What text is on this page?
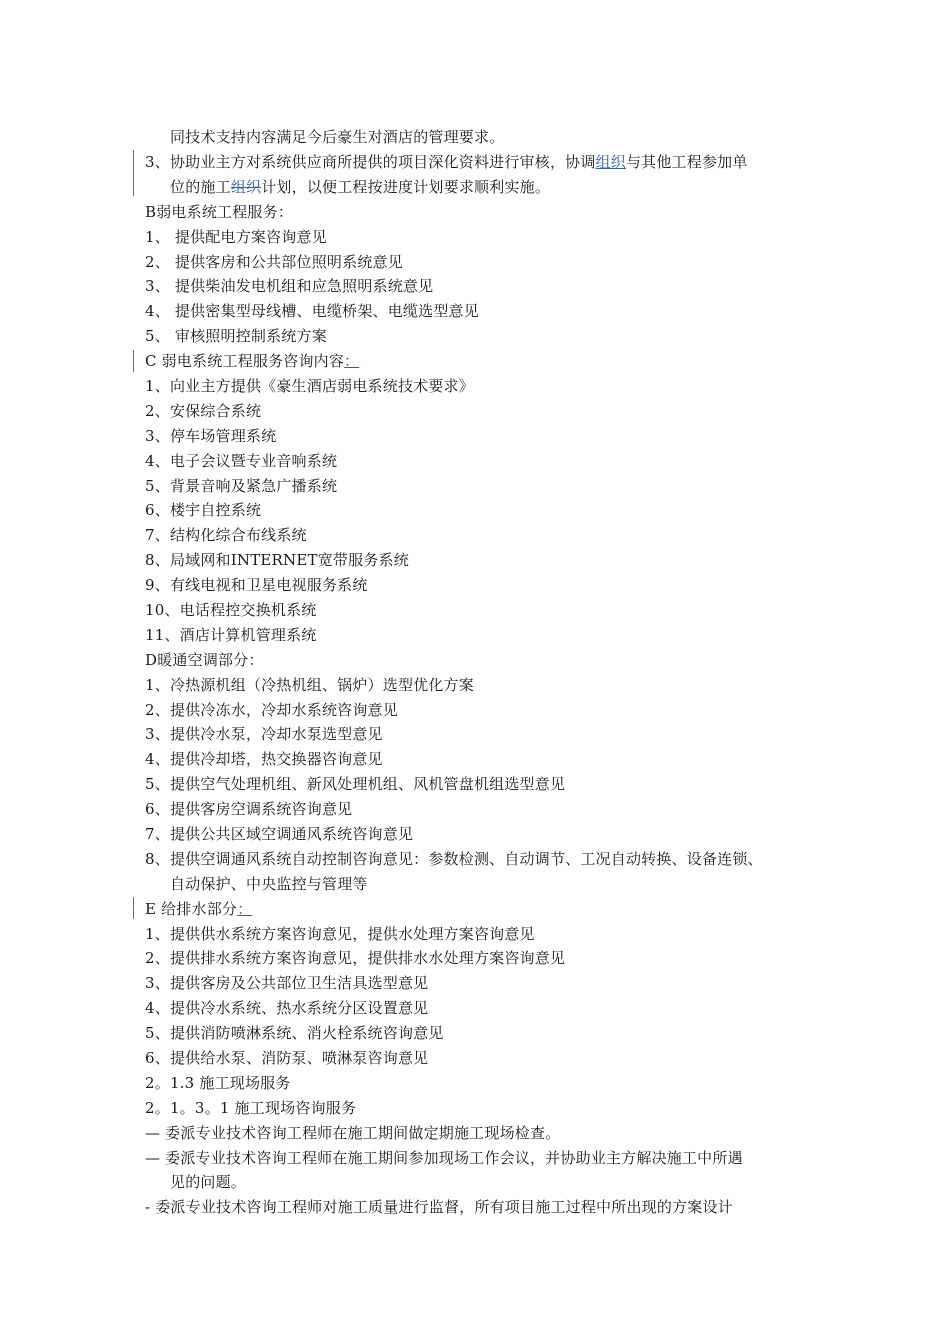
同技术支持内容满足今后豪生对酒店的管理要求。
3、协助业主方对系统供应商所提供的项目深化资料进行审核，协调组织与其他工程参加单
位的施工组织计划，以便工程按进度计划要求顺利实施。
B弱电系统工程服务：
1、 提供配电方案咨询意见
2、 提供客房和公共部位照明系统意见
3、 提供柴油发电机组和应急照明系统意见
4、 提供密集型母线槽、电缆桥架、电缆选型意见
5、 审核照明控制系统方案
C 弱电系统工程服务咨询内容：
1、向业主方提供《豪生酒店弱电系统技术要求》
2、安保综合系统
3、停车场管理系统
4、电子会议暨专业音响系统
5、背景音响及紧急广播系统
6、楼宇自控系统
7、结构化综合布线系统
8、局域网和INTERNET宽带服务系统
9、有线电视和卫星电视服务系统
10、电话程控交换机系统
11、酒店计算机管理系统
D暖通空调部分：
1、冷热源机组（冷热机组、锅炉）选型优化方案
2、提供冷冻水，冷却水系统咨询意见
3、提供冷水泵，冷却水泵选型意见
4、提供冷却塔，热交换器咨询意见
5、提供空气处理机组、新风处理机组、风机管盘机组选型意见
6、提供客房空调系统咨询意见
7、提供公共区域空调通风系统咨询意见
8、提供空调通风系统自动控制咨询意见：参数检测、自动调节、工况自动转换、设备连锁、
自动保护、中央监控与管理等
E 给排水部分：
1、提供供水系统方案咨询意见，提供水处理方案咨询意见
2、提供排水系统方案咨询意见，提供排水水处理方案咨询意见
3、提供客房及公共部位卫生洁具选型意见
4、提供冷水系统、热水系统分区设置意见
5、提供消防喷淋系统、消火栓系统咨询意见
6、提供给水泵、消防泵、喷淋泵咨询意见
2。1.3 施工现场服务
2。1。3。1 施工现场咨询服务
— 委派专业技术咨询工程师在施工期间做定期施工现场检查。
— 委派专业技术咨询工程师在施工期间参加现场工作会议，并协助业主方解决施工中所遇
见的问题。
- 委派专业技术咨询工程师对施工质量进行监督，所有项目施工过程中所出现的方案设计
